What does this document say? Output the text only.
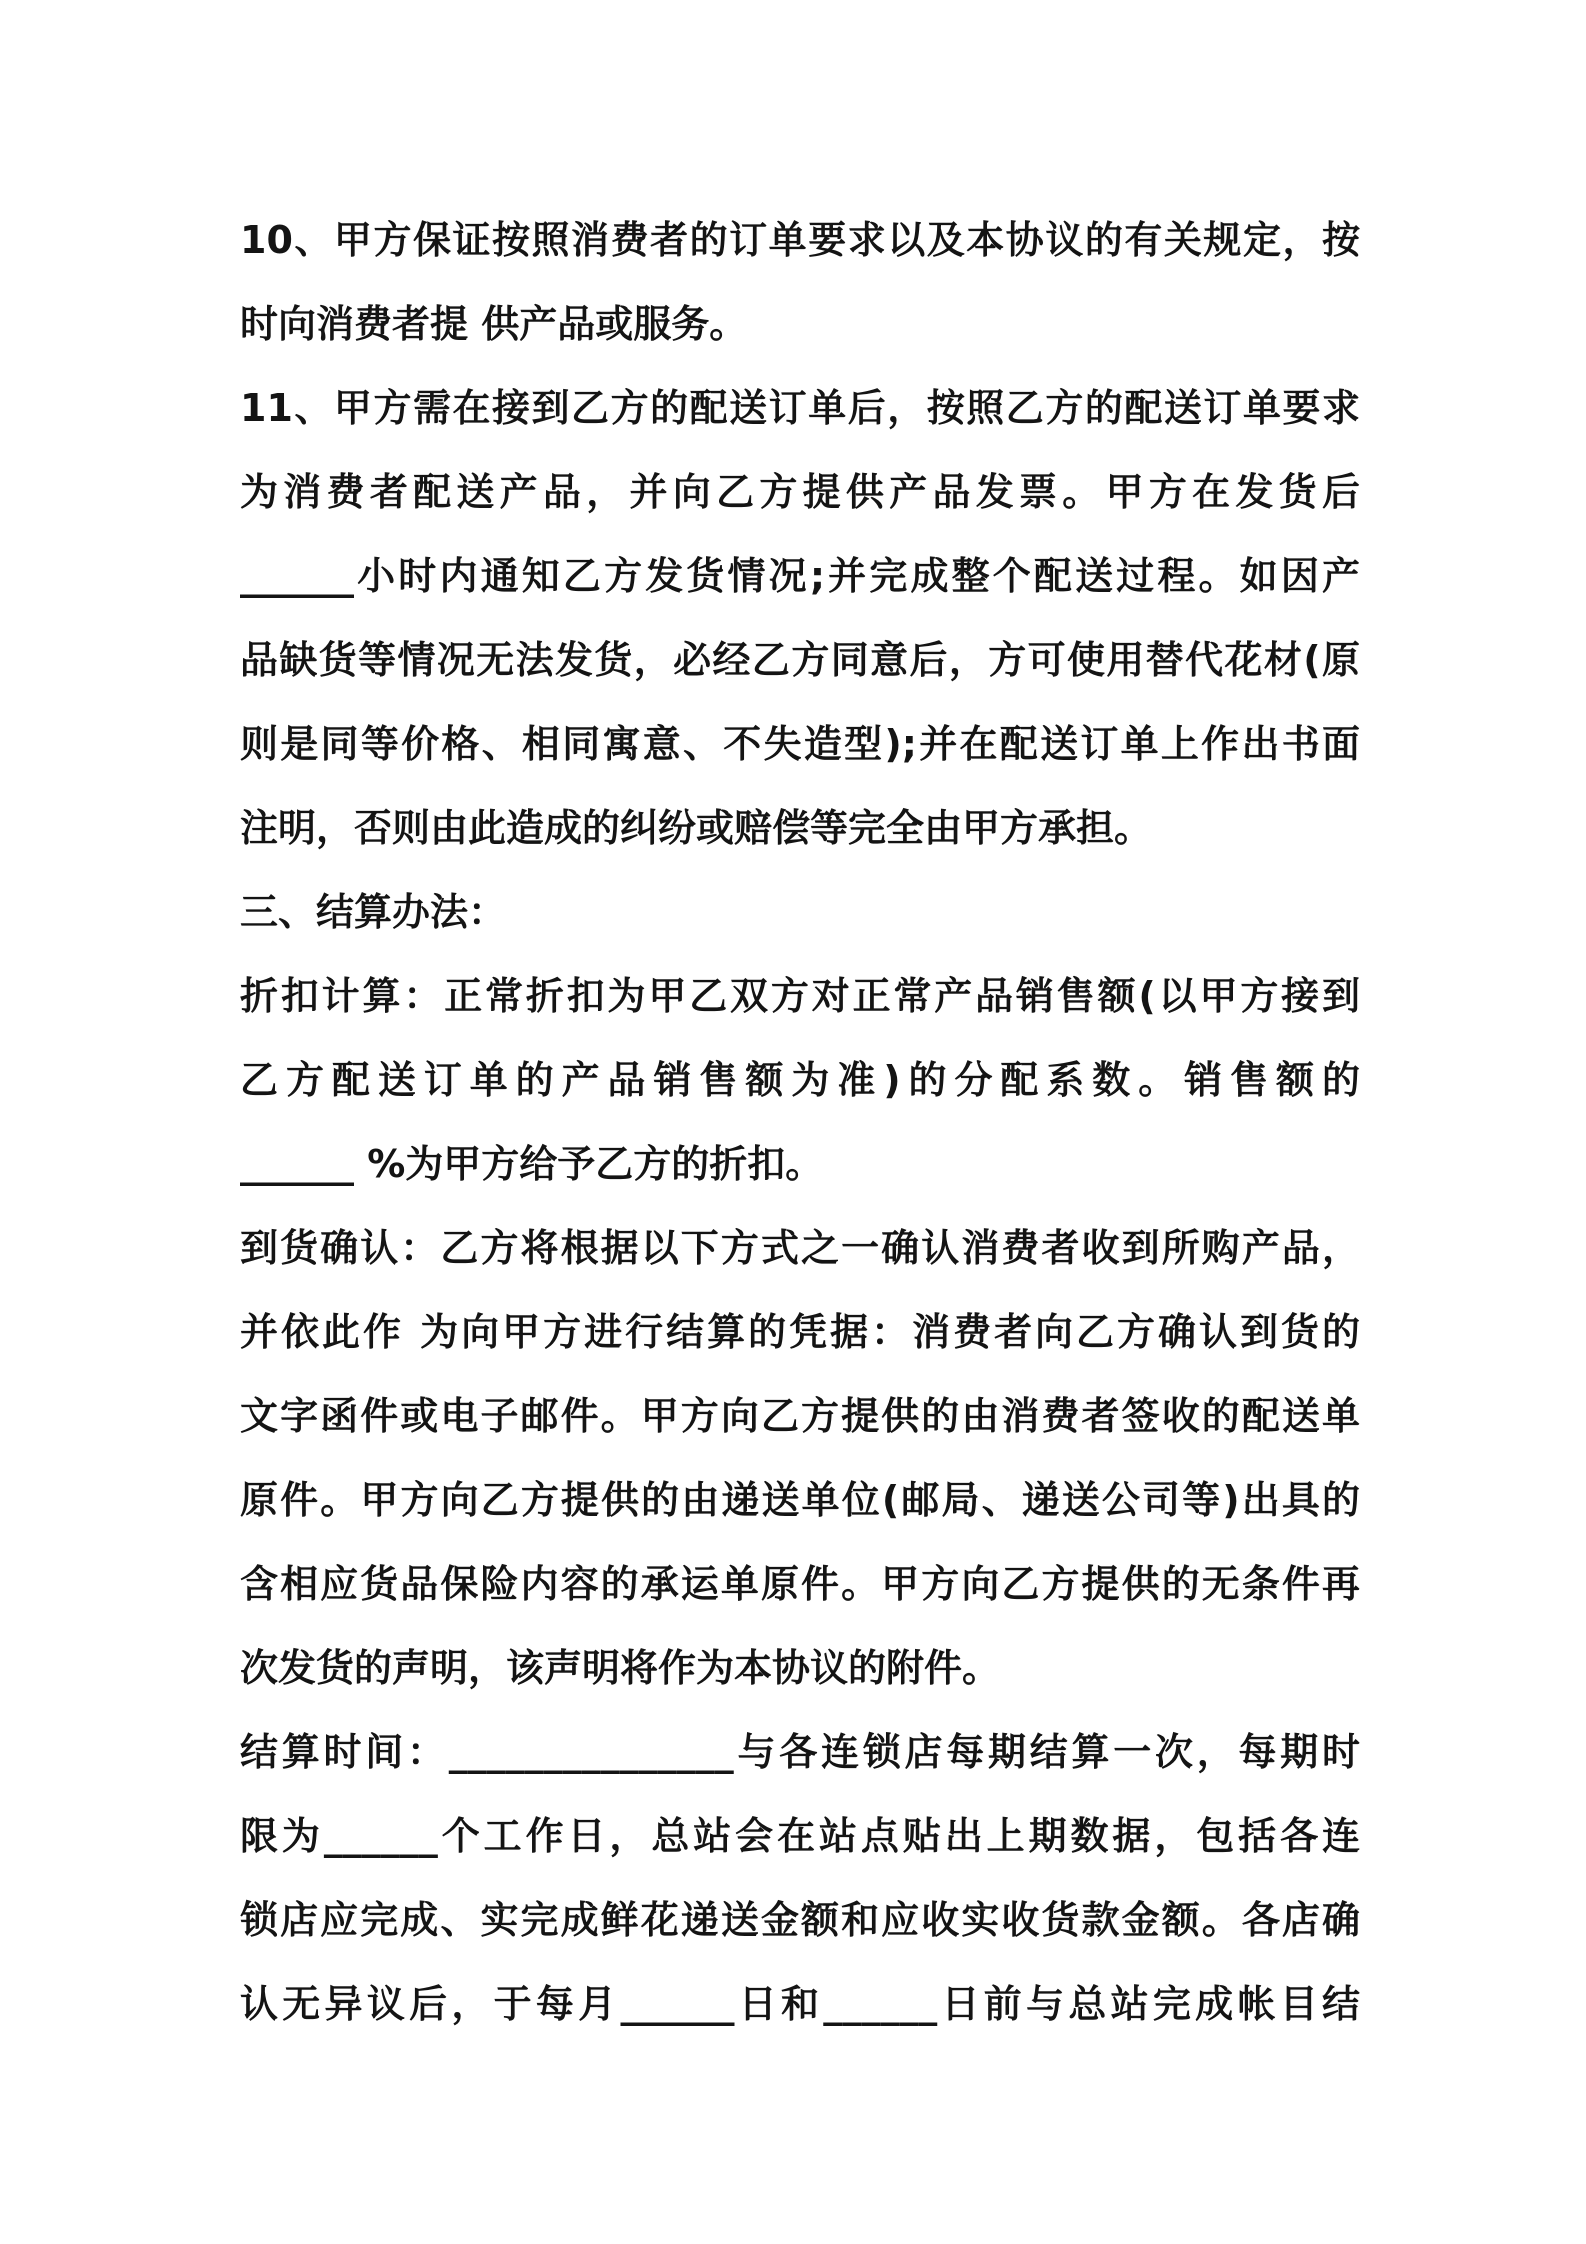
10、甲方保证按照消费者的订单要求以及本协议的有关规定，按
时向消费者提 供产品或服务。
11、甲方需在接到乙方的配送订单后，按照乙方的配送订单要求
为消费者配送产品，并向乙方提供产品发票。甲方在发货后
______小时内通知乙方发货情况;并完成整个配送过程。如因产
品缺货等情况无法发货，必经乙方同意后，方可使用替代花材(原
则是同等价格、相同寓意、不失造型);并在配送订单上作出书面
注明，否则由此造成的纠纷或赔偿等完全由甲方承担。
三、结算办法：
折扣计算：正常折扣为甲乙双方对正常产品销售额(以甲方接到
乙方配送订单的产品销售额为准)的分配系数。销售额的
______ %为甲方给予乙方的折扣。
到货确认：乙方将根据以下方式之一确认消费者收到所购产品，
并依此作 为向甲方进行结算的凭据：消费者向乙方确认到货的
文字函件或电子邮件。甲方向乙方提供的由消费者签收的配送单
原件。甲方向乙方提供的由递送单位(邮局、递送公司等)出具的
含相应货品保险内容的承运单原件。甲方向乙方提供的无条件再
次发货的声明，该声明将作为本协议的附件。
结算时间：_______________与各连锁店每期结算一次，每期时
限为______个工作日，总站会在站点贴出上期数据，包括各连
锁店应完成、实完成鲜花递送金额和应收实收货款金额。各店确
认无异议后，于每月______日和______日前与总站完成帐目结
